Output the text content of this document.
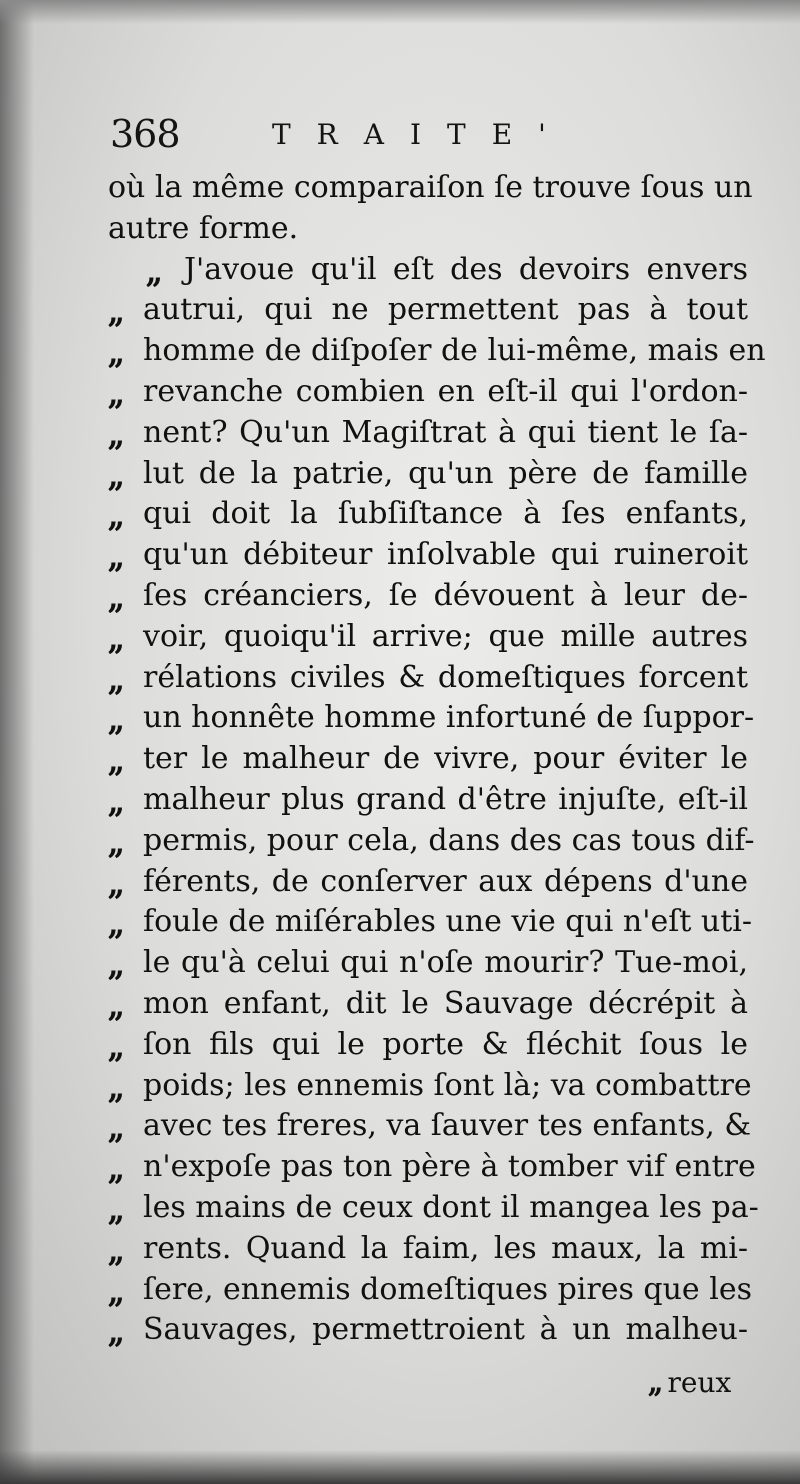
368	TRAITE'
où la même comparaiſon ſe trouve ſous un
autre forme.
,, J'avoue qu'il eſt des devoirs envers
,, autrui, qui ne permettent pas à tout
,, homme de diſpoſer de lui-même, mais en
,, revanche combien en eſt-il qui l'ordon-
,, nent? Qu'un Magiſtrat à qui tient le ſa-
,, lut de la patrie, qu'un père de famille
,, qui doit la ſubſiſtance à ſes enfants,
,, qu'un débiteur inſolvable qui ruineroit
,, ſes créanciers, ſe dévouent à leur de-
,, voir, quoiqu'il arrive; que mille autres
,, rélations civiles & domeſtiques forcent
,, un honnête homme infortuné de ſuppor-
,, ter le malheur de vivre, pour éviter le
,, malheur plus grand d'être injuſte, eſt-il
,, permis, pour cela, dans des cas tous dif-
,, férents, de conſerver aux dépens d'une
,, foule de miſérables une vie qui n'eſt uti-
,, le qu'à celui qui n'oſe mourir? Tue-moi,
,, mon enfant, dit le Sauvage décrépit à
,, ſon fils qui le porte & fléchit ſous le
,, poids; les ennemis ſont là; va combattre
,, avec tes freres, va ſauver tes enfants, &
,, n'expoſe pas ton père à tomber vif entre
,, les mains de ceux dont il mangea les pa-
,, rents. Quand la faim, les maux, la mi-
,, ſere, ennemis domeſtiques pires que les
,, Sauvages, permettroient à un malheu-
,, reux
